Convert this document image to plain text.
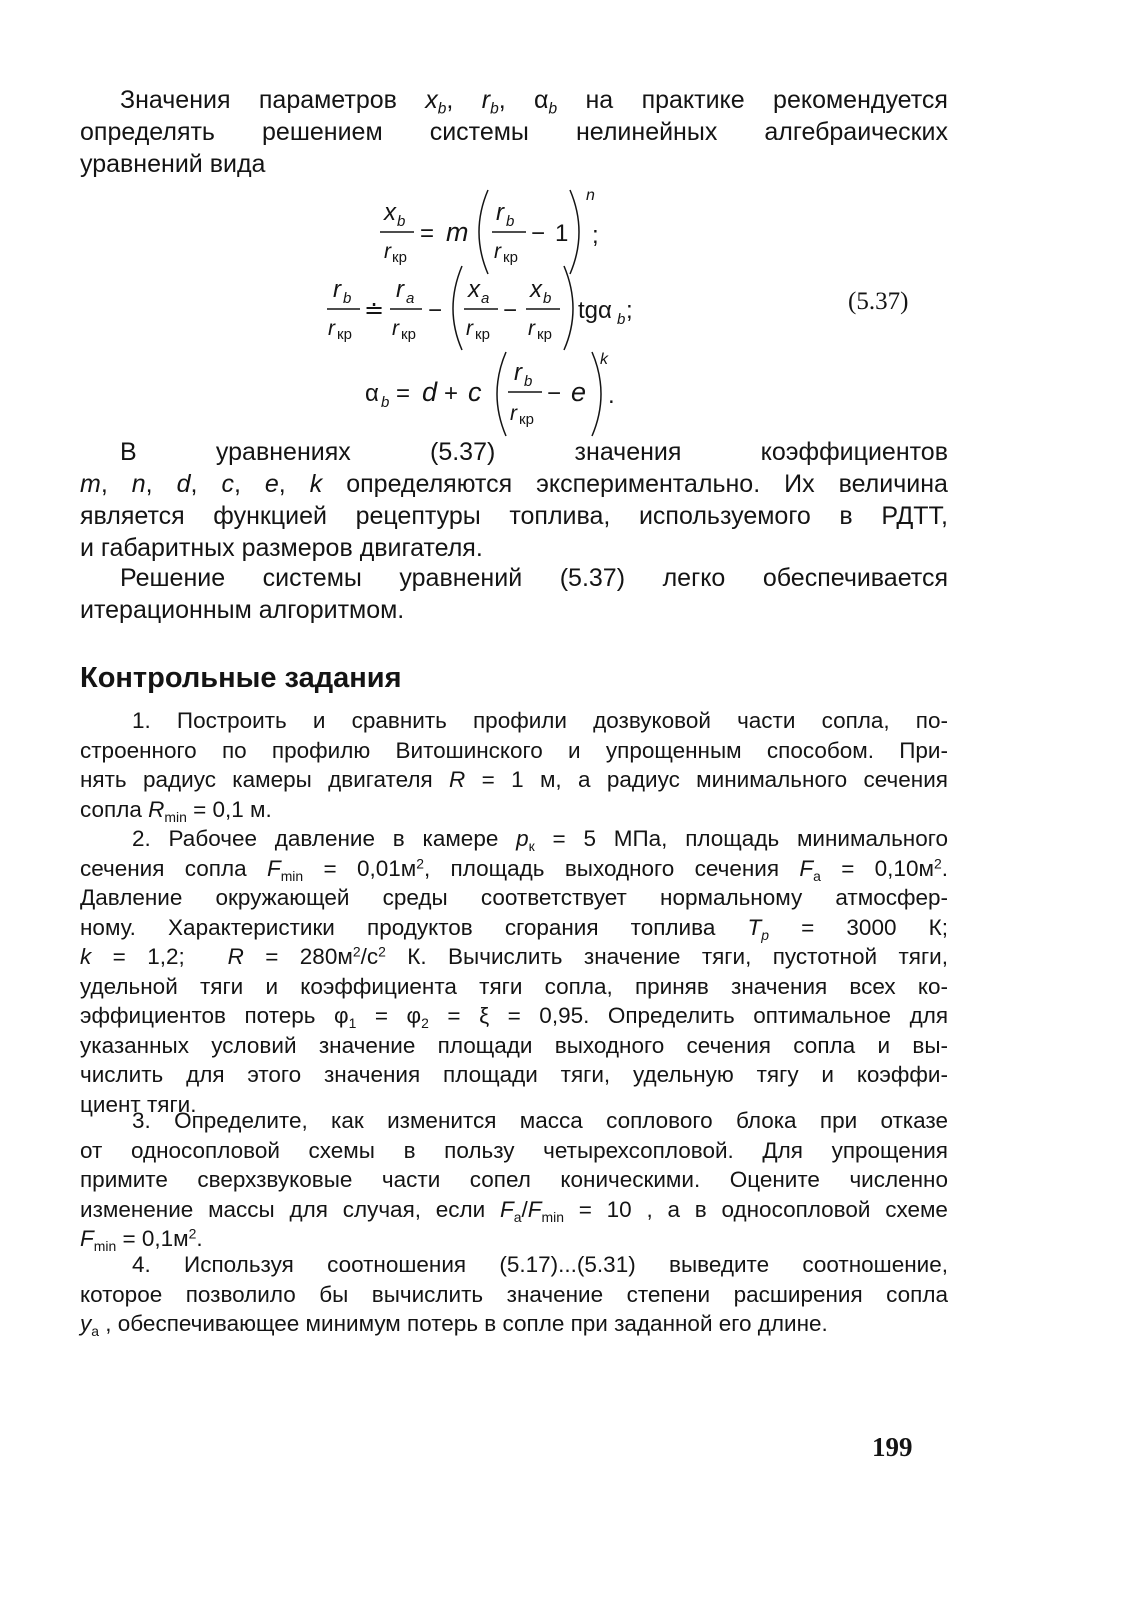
Значения параметров $x_b$, $r_b$, $\alpha_b$ на практике рекомендуется
определять решением системы нелинейных алгебраических
уравнений вида

x b
r кр
= m
r b
r кр
− 1
n
;
r b
r кр
≐
r a
r кр
−
x a
r кр
−
x b
r кр
tgα b ;
α b = d + c
r b
r кр
− e
k
.
(5.37)

В уравнениях (5.37) значения коэффициентов
m, n, d, c, e, k определяются экспериментально. Их величина
является функцией рецептуры топлива, используемого в РДТТ,
и габаритных размеров двигателя.

Решение системы уравнений (5.37) легко обеспечивается
итерационным алгоритмом.

Контрольные задания

1. Построить и сравнить профили дозвуковой части сопла, по-
строенного по профилю Витошинского и упрощенным способом. При-
нять радиус камеры двигателя R = 1 м, а радиус минимального сечения
сопла $R_{min} = 0,1$ м.

2. Рабочее давление в камере $p_к = 5$ МПа, площадь минимального
сечения сопла $F_{min} = 0,01м^2$, площадь выходного сечения $F_a = 0,10м^2$.
Давление окружающей среды соответствует нормальному атмосфер-
ному. Характеристики продуктов сгорания топлива $T_p = 3000$ К;
k = 1,2; $R = 280м^2/с^2$ К. Вычислить значение тяги, пустотной тяги,
удельной тяги и коэффициента тяги сопла, приняв значения всех ко-
эффициентов потерь $\varphi_1 = \varphi_2 = \xi = 0,95$. Определить оптимальное для
указанных условий значение площади выходного сечения сопла и вы-
числить для этого значения площади тяги, удельную тягу и коэффи-
циент тяги.

3. Определите, как изменится масса соплового блока при отказе
от односопловой схемы в пользу четырехсопловой. Для упрощения
примите сверхзвуковые части сопел коническими. Оцените численно
изменение массы для случая, если $F_a/F_{min} = 10$ , а в односопловой схеме
$F_{min} = 0,1м^2$.

4. Используя соотношения (5.17)...(5.31) выведите соотношение,
которое позволило бы вычислить значение степени расширения сопла
$y_a$ , обеспечивающее минимум потерь в сопле при заданной его длине.

199
